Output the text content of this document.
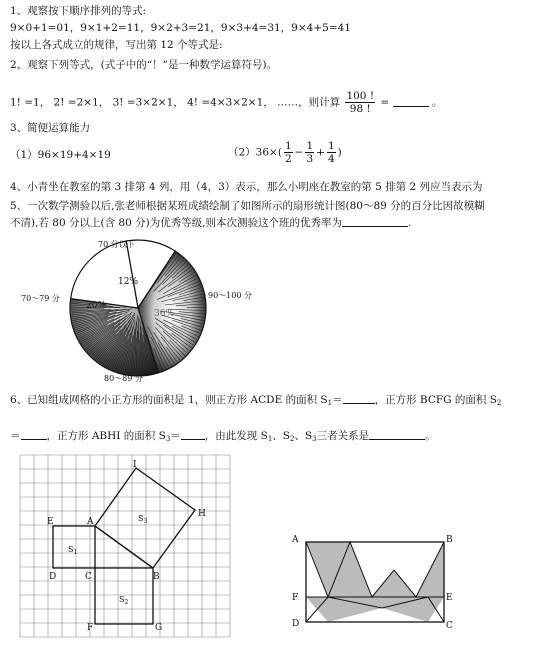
1、观察按下顺序排列的等式:
9×0+1=01，9×1+2=11，9×2+3=21，9×3+4=31，9×4+5=41
按以上各式成立的规律，写出第 12 个等式是:
2、观察下列等式，(式子中的“！”是一种数学运算符号)。
1! =1， 2! =2×1， 3! =3×2×1， 4! =4×3×2×1， ……，则计算 $\frac{100 !}{98 !}$ =	。
3、简便运算能力
（1）96×19+4×19	$(2)36\times( \frac{1}{2} - \frac{1}{3} + \frac{1}{4}$ )
4、小青坐在教室的第 3 排第 4 列，用（4，3）表示，那么小明座在教室的第 5 排第 2 列应当表示为
5、一次数学测验以后,张老师根据某班成绩绘制了如图所示的扇形统计图(80～89 分的百分比因故模糊
不清),若 80 分以上(含 80 分)为优秀等级,则本次测验这个班的优秀率为	.
70 分以下
70～79 分	90～100 分
80～89 分
12%
20%
36%
6、已知组成网格的小正方形的面积是 1，则正方形 ACDE 的面积 $S_1=$	，正方形 BCFG 的面积 $S_2$
＝ ，正方形 ABHI 的面积 $S_3=$ ，由此发现 $S_1$、$S_2$、$S_3$三者关系是	。
I
H
E	A	$S_3$
$S_1$
D	C	B
$S_2$
F	G
A	B
F	E
D	C
